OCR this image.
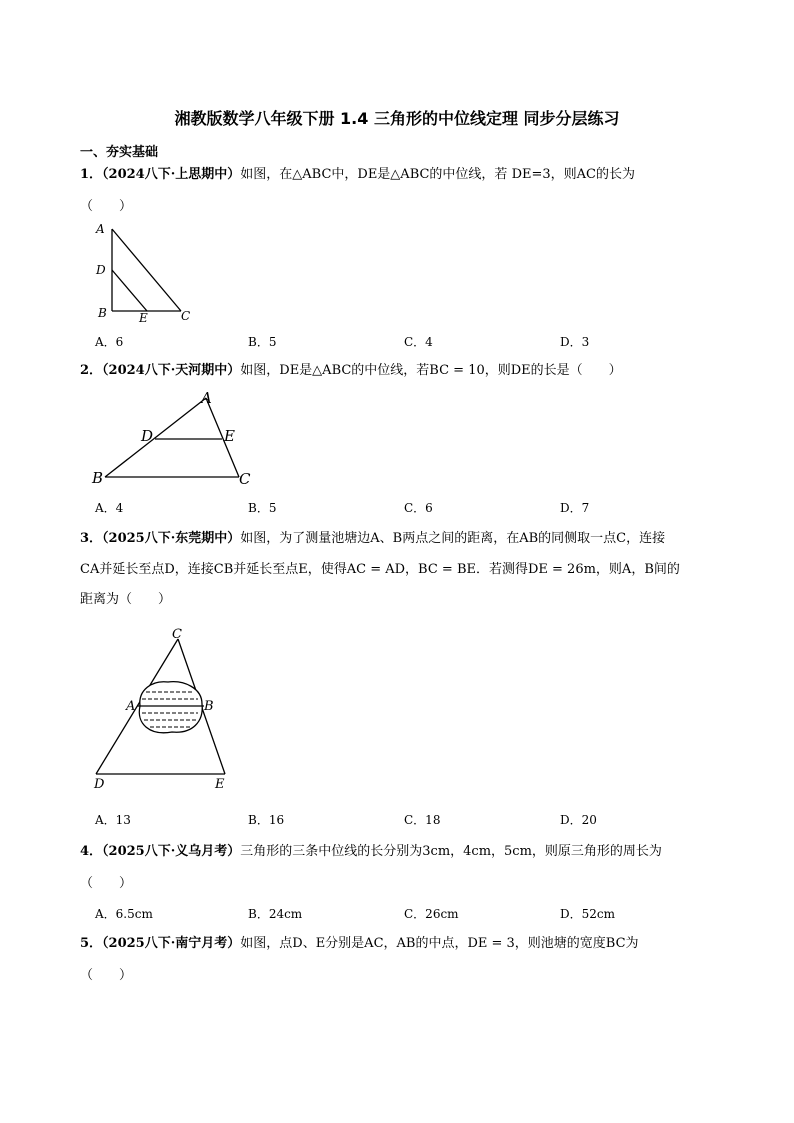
湘教版数学八年级下册 1.4 三角形的中位线定理 同步分层练习
一、夯实基础
1．（2024八下·上思期中）如图，在△ABC中，DE是△ABC的中位线，若 DE=3，则AC的长为
（　　）
A
D
B	E	C
A．6	B．5	C．4	D．3
2．（2024八下·天河期中）如图，DE是△ABC的中位线，若BC = 10，则DE的长是（　　）
A
D	E
B	C
A．4	B．5	C．6	D．7
3．（2025八下·东莞期中）如图，为了测量池塘边A、B两点之间的距离，在AB的同侧取一点C，连接
CA并延长至点D，连接CB并延长至点E，使得AC = AD，BC = BE．若测得DE = 26m，则A，B间的
距离为（　　）
C
A	B
D	E
A．13	B．16	C．18	D．20
4．（2025八下·义乌月考）三角形的三条中位线的长分别为3cm，4cm，5cm，则原三角形的周长为
（　　）
A．6.5cm	B．24cm	C．26cm	D．52cm
5．（2025八下·南宁月考）如图，点D、E分别是AC，AB的中点，DE = 3，则池塘的宽度BC为
（　　）
